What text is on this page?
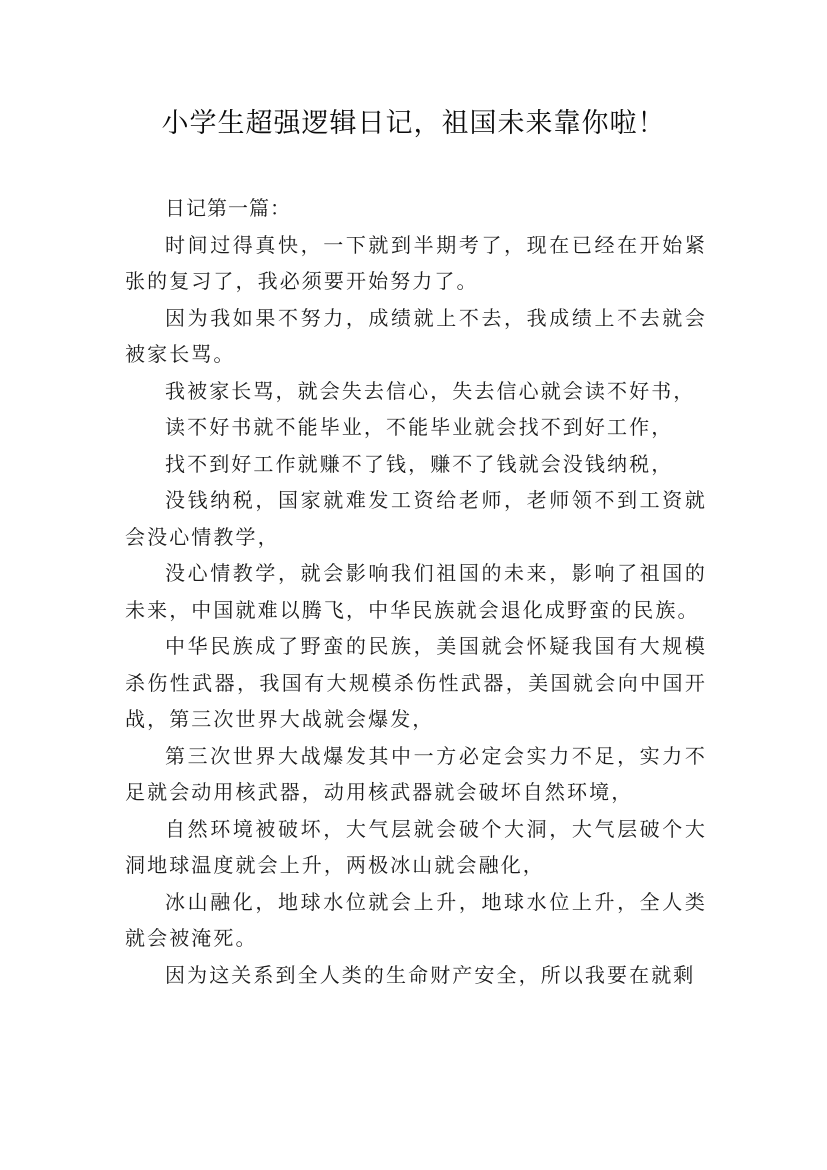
小学生超强逻辑日记，祖国未来靠你啦！

日记第一篇：

时间过得真快，一下就到半期考了，现在已经在开始紧张的复习了，我必须要开始努力了。

因为我如果不努力，成绩就上不去，我成绩上不去就会被家长骂。

我被家长骂，就会失去信心，失去信心就会读不好书，

读不好书就不能毕业，不能毕业就会找不到好工作，

找不到好工作就赚不了钱，赚不了钱就会没钱纳税，

没钱纳税，国家就难发工资给老师，老师领不到工资就会没心情教学，

没心情教学，就会影响我们祖国的未来，影响了祖国的未来，中国就难以腾飞，中华民族就会退化成野蛮的民族。

中华民族成了野蛮的民族，美国就会怀疑我国有大规模杀伤性武器，我国有大规模杀伤性武器，美国就会向中国开战，第三次世界大战就会爆发，

第三次世界大战爆发其中一方必定会实力不足，实力不足就会动用核武器，动用核武器就会破坏自然环境，

自然环境被破坏，大气层就会破个大洞，大气层破个大洞地球温度就会上升，两极冰山就会融化，

冰山融化，地球水位就会上升，地球水位上升，全人类就会被淹死。

因为这关系到全人类的生命财产安全，所以我要在就剩
